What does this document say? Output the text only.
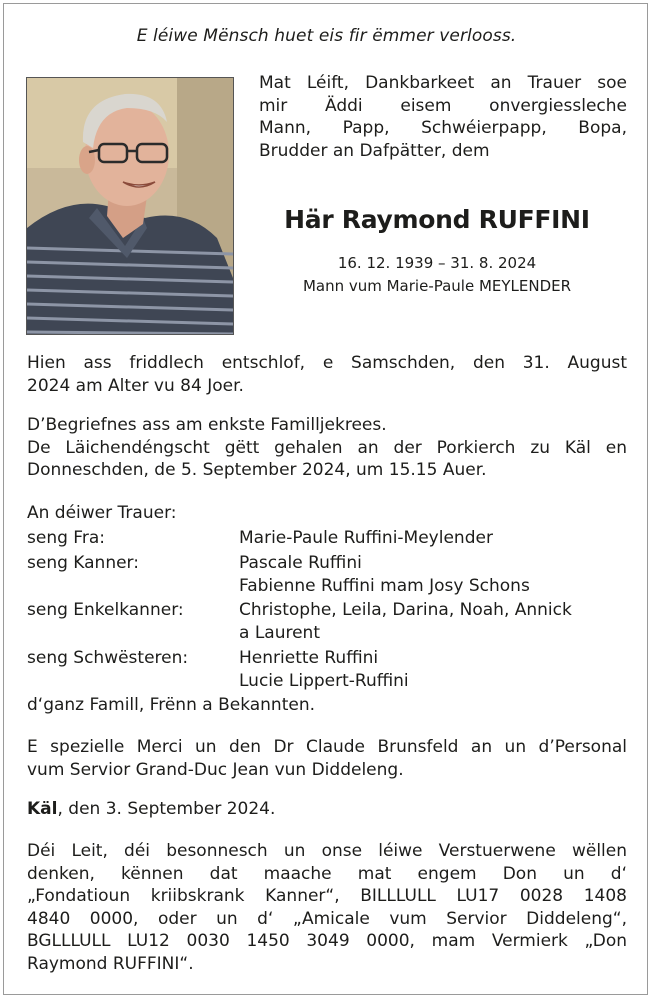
E léiwe Mënsch huet eis fir ëmmer verlooss.
Mat Léift, Dankbarkeet an Trauer soe
mir Äddi eisem onvergiessleche
Mann, Papp, Schwéierpapp, Bopa,
Brudder an Dafpätter, dem
Här Raymond RUFFINI
16. 12. 1939 – 31. 8. 2024
Mann vum Marie-Paule MEYLENDER
Hien ass friddlech entschlof, e Samschden, den 31. August
2024 am Alter vu 84 Joer.
D’Begriefnes ass am enkste Familljekrees.
De Läichendéngscht gëtt gehalen an der Porkierch zu Käl en
Donneschden, de 5. September 2024, um 15.15 Auer.
An déiwer Trauer:
seng Fra:	Marie-Paule Ruffini-Meylender
seng Kanner:	Pascale Ruffini
Fabienne Ruffini mam Josy Schons
seng Enkelkanner:	Christophe, Leila, Darina, Noah, Annick
a Laurent
seng Schwësteren:	Henriette Ruffini
Lucie Lippert-Ruffini
d‘ganz Famill, Frënn a Bekannten.
E spezielle Merci un den Dr Claude Brunsfeld an un d’Personal
vum Servior Grand-Duc Jean vun Diddeleng.
Käl, den 3. September 2024.
Déi Leit, déi besonnesch un onse léiwe Verstuerwene wëllen
denken, kënnen dat maache mat engem Don un d‘
„Fondatioun kriibskrank Kanner“, BILLLULL LU17 0028 1408
4840 0000, oder un d‘ „Amicale vum Servior Diddeleng“,
BGLLLULL LU12 0030 1450 3049 0000, mam Vermierk „Don
Raymond RUFFINI“.
